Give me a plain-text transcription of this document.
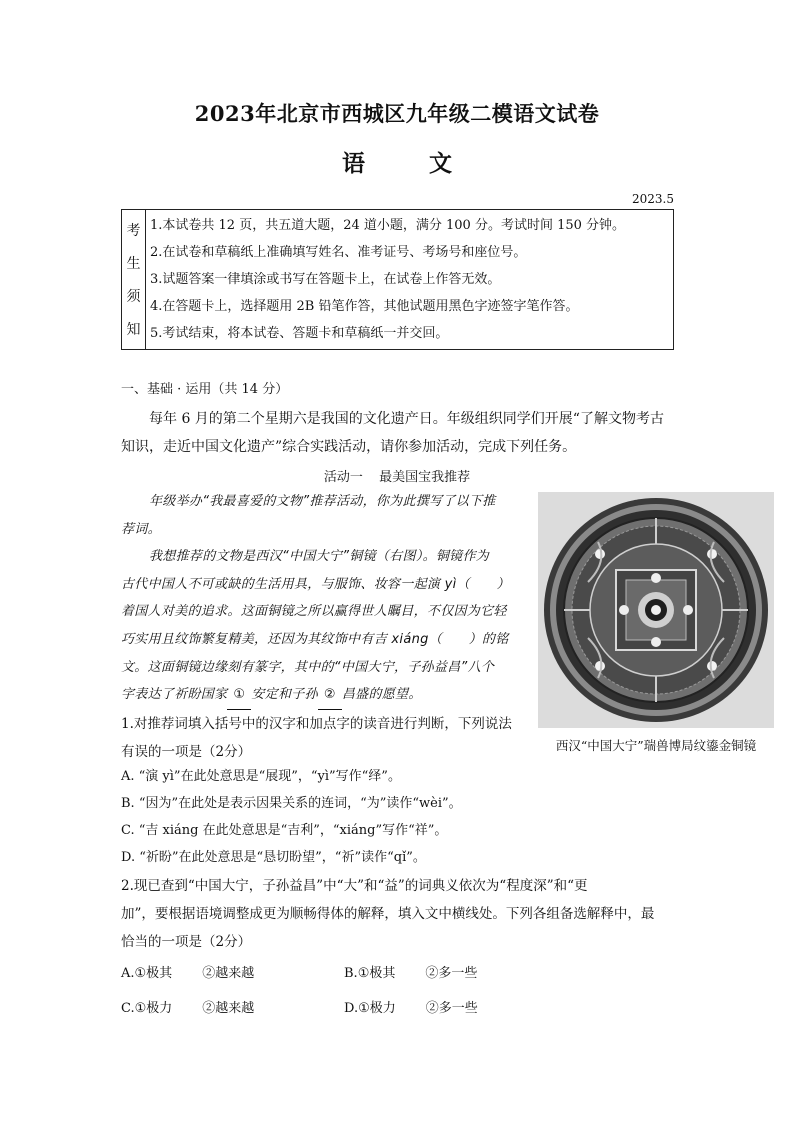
2023年北京市西城区九年级二模语文试卷
语 文
2023.5
考
生
须
知
1.本试卷共 12 页，共五道大题，24 道小题，满分 100 分。考试时间 150 分钟。
2.在试卷和草稿纸上准确填写姓名、准考证号、考场号和座位号。
3.试题答案一律填涂或书写在答题卡上，在试卷上作答无效。
4.在答题卡上，选择题用 2B 铅笔作答，其他试题用黑色字迹签字笔作答。
5.考试结束，将本试卷、答题卡和草稿纸一并交回。
一、基础 · 运用（共 14 分）
每年 6 月的第二个星期六是我国的文化遗产日。年级组织同学们开展“了解文物考古知识，走近中国文化遗产”综合实践活动，请你参加活动，完成下列任务。
活动一 最美国宝我推荐
年级举办“我最喜爱的文物”推荐活动，你为此撰写了以下推
荐词。
我想推荐的文物是西汉“中国大宁”铜镜（右图）。铜镜作为
古代中国人不可或缺的生活用具，与服饰、妆容一起演 yì（　　）
着国人对美的追求。这面铜镜之所以赢得世人瞩目，不仅因为它轻
巧实用且纹饰繁复精美，还因为其纹饰中有吉 xiáng（　　）的铭
文。这面铜镜边缘刻有篆字，其中的“中国大宁，子孙益昌”八个
字表达了祈盼国家 ① 安定和子孙 ② 昌盛的愿望。
西汉“中国大宁”瑞兽博局纹鎏金铜镜
1.对推荐词填入括号中的汉字和加点字的读音进行判断，下列说法
有误的一项是（2分）
A. “演 yì”在此处意思是“展现”，“yì”写作“绎”。
B. “因为”在此处是表示因果关系的连词，“为”读作“wèi”。
C. “吉 xiáng 在此处意思是“吉利”，“xiáng”写作“祥”。
D. “祈盼”在此处意思是“恳切盼望”，“祈”读作“qǐ”。
2.现已查到“中国大宁，子孙益昌”中“大”和“益”的词典义依次为“程度深”和“更
加”，要根据语境调整成更为顺畅得体的解释，填入文中横线处。下列各组备选解释中，最
恰当的一项是（2分）
A.①极其 ②越来越	B.①极其 ②多一些
C.①极力 ②越来越	D.①极力 ②多一些
